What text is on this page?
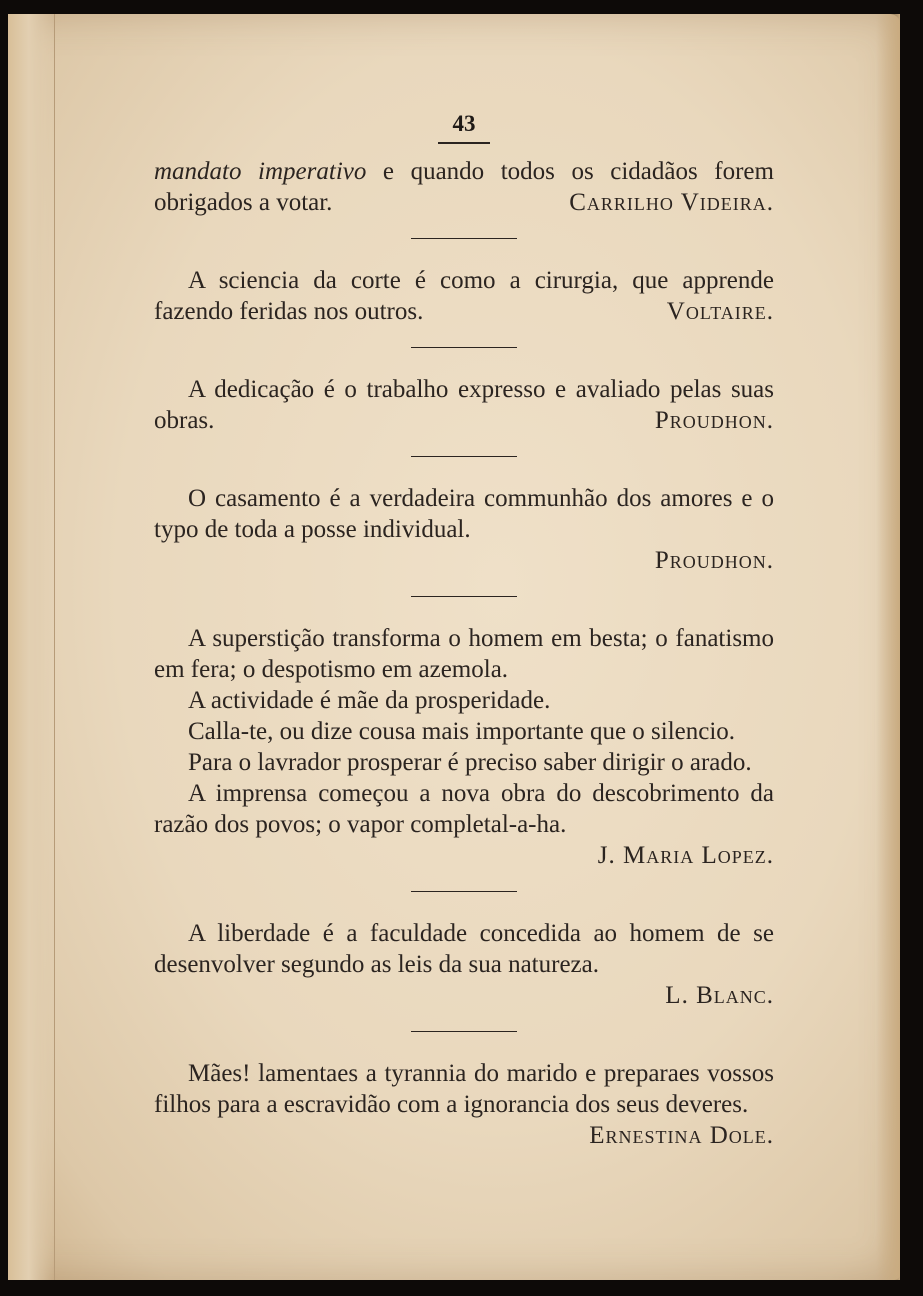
43

mandato imperativo e quando todos os cidadãos forem obrigados a votar.	Carrilho Videira.

A sciencia da corte é como a cirurgia, que apprende fazendo feridas nos outros.	Voltaire.

A dedicação é o trabalho expresso e avaliado pelas suas obras.	Proudhon.

O casamento é a verdadeira communhão dos amores e o typo de toda a posse individual.

Proudhon.

A superstição transforma o homem em besta; o fanatismo em fera; o despotismo em azemola.

A actividade é mãe da prosperidade.

Calla-te, ou dize cousa mais importante que o silencio.

Para o lavrador prosperar é preciso saber dirigir o arado.

A imprensa começou a nova obra do descobrimento da razão dos povos; o vapor completal-a-ha.

J. Maria Lopez.

A liberdade é a faculdade concedida ao homem de se desenvolver segundo as leis da sua natureza.

L. Blanc.

Mães! lamentaes a tyrannia do marido e preparaes vossos filhos para a escravidão com a ignorancia dos seus deveres.
Ernestina Dole.
